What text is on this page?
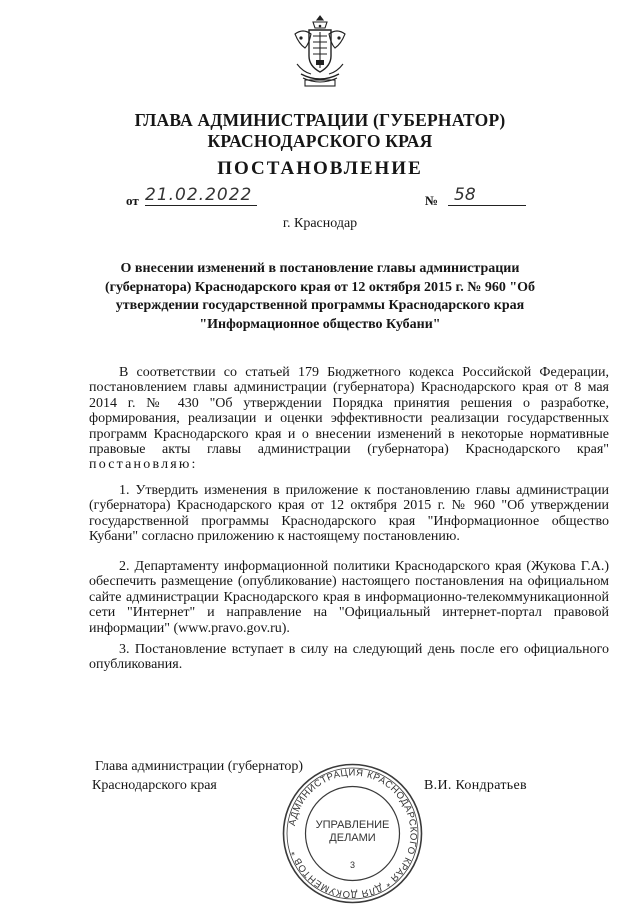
ГЛАВА АДМИНИСТРАЦИИ (ГУБЕРНАТОР)
КРАСНОДАРСКОГО КРАЯ
ПОСТАНОВЛЕНИЕ
от 21.02.2022	№ 58
г. Краснодар
О внесении изменений в постановление главы администрации (губернатора) Краснодарского края от 12 октября 2015 г. № 960 "Об утверждении государственной программы Краснодарского края "Информационное общество Кубани"
В соответствии со статьей 179 Бюджетного кодекса Российской Федерации, постановлением главы администрации (губернатора) Краснодарского края от 8 мая 2014 г. № 430 "Об утверждении Порядка принятия решения о разработке, формирования, реализации и оценки эффективности реализации государственных программ Краснодарского края и о внесении изменений в некоторые нормативные правовые акты главы администрации (губернатора) Краснодарского края" постановляю:
1. Утвердить изменения в приложение к постановлению главы администрации (губернатора) Краснодарского края от 12 октября 2015 г. № 960 "Об утверждении государственной программы Краснодарского края "Информационное общество Кубани" согласно приложению к настоящему постановлению.
2. Департаменту информационной политики Краснодарского края (Жукова Г.А.) обеспечить размещение (опубликование) настоящего постановления на официальном сайте администрации Краснодарского края в информационно-телекоммуникационной сети "Интернет" и направление на "Официальный интернет-портал правовой информации" (www.pravo.gov.ru).
3. Постановление вступает в силу на следующий день после его официального опубликования.
Глава администрации (губернатор)
Краснодарского края	В.И. Кондратьев
АДМИНИСТРАЦИЯ КРАСНОДАРСКОГО КРАЯ * ДЛЯ ДОКУМЕНТОВ *
УПРАВЛЕНИЕ
ДЕЛАМИ
3
